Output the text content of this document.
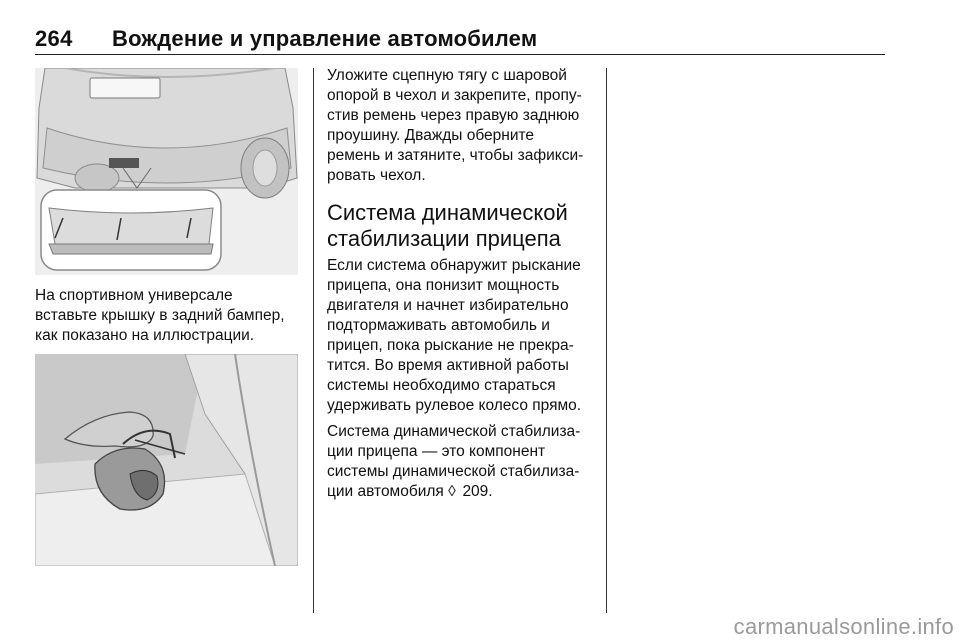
264 Вождение и управление автомобилем
На спортивном универсале
вставьте крышку в задний бампер,
как показано на иллюстрации.
Уложите сцепную тягу с шаровой
опорой в чехол и закрепите, пропу-
стив ремень через правую заднюю
проушину. Дважды оберните
ремень и затяните, чтобы зафикси-
ровать чехол.
Система динамической
стабилизации прицепа
Если система обнаружит рыскание
прицепа, она понизит мощность
двигателя и начнет избирательно
подтормаживать автомобиль и
прицеп, пока рыскание не прекра-
тится. Во время активной работы
системы необходимо стараться
удерживать рулевое колесо прямо.
Система динамической стабилиза-
ции прицепа — это компонент
системы динамической стабилиза-
ции автомобиля ◊ 209.
carmanualsonline.info
